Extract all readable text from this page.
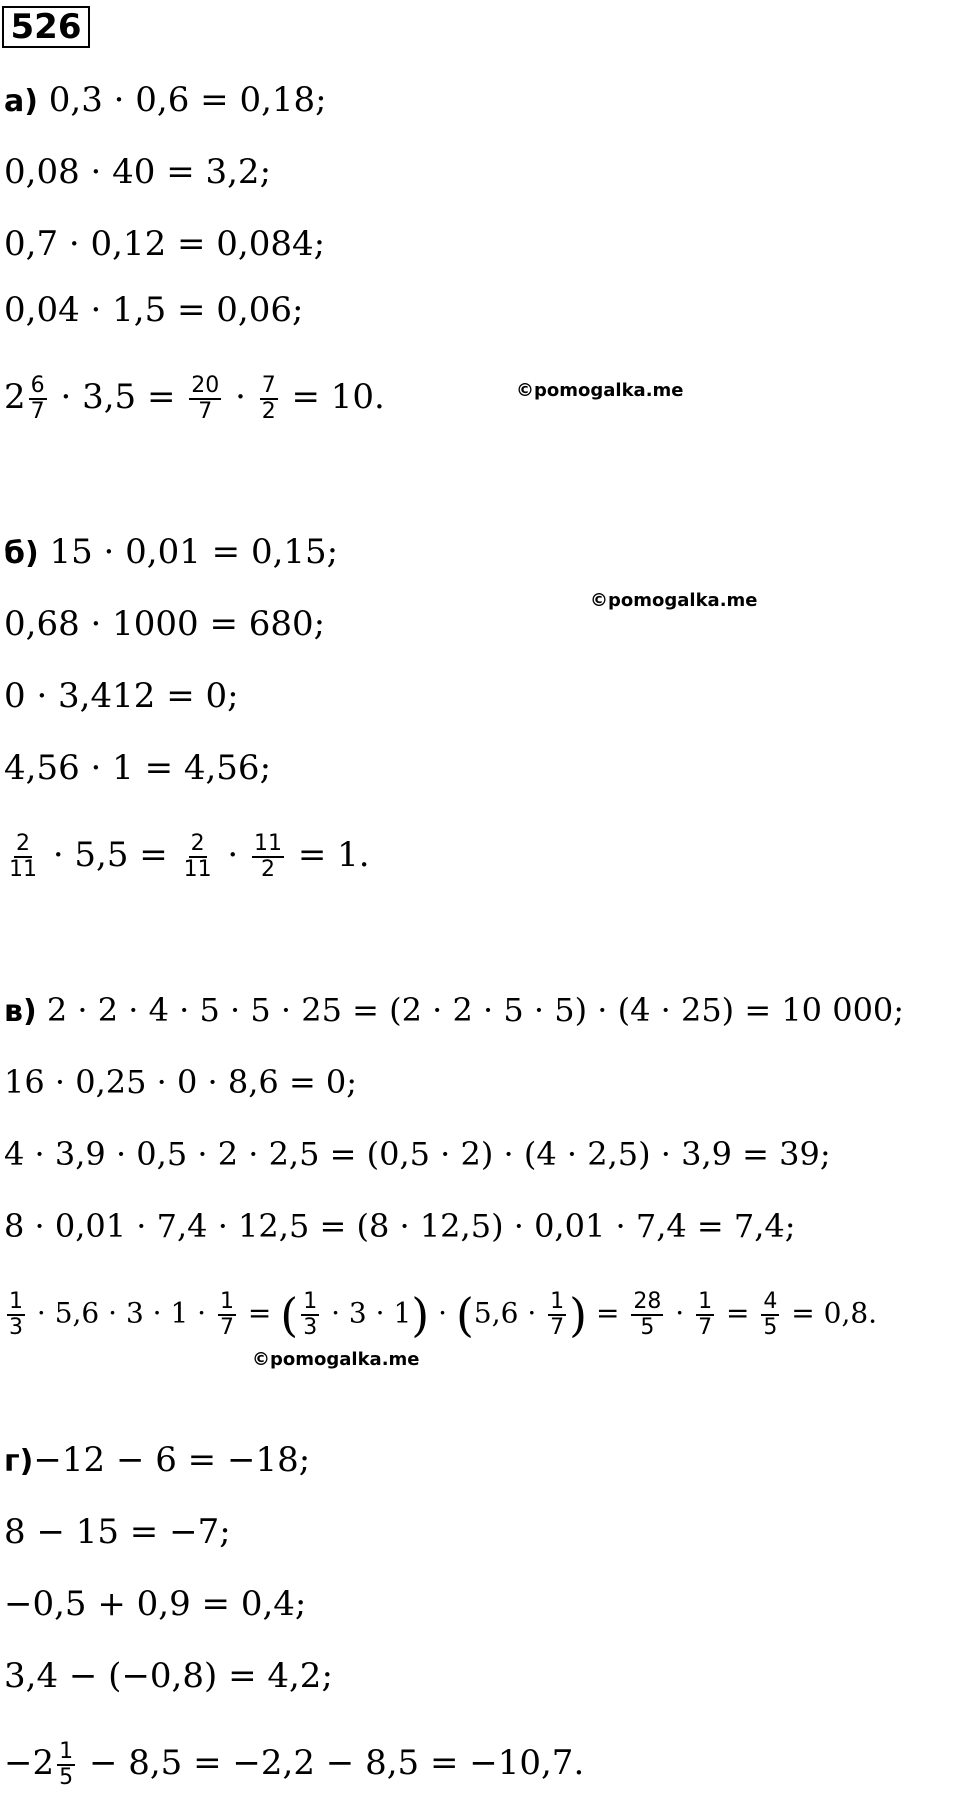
526
а) 0,3 · 0,6 = 0,18;
0,08 · 40 = 3,2;
0,7 · 0,12 = 0,084;
0,04 · 1,5 = 0,06;
$2 \frac{6}{7} \cdot 3,5 = \frac{20}{7} \cdot \frac{7}{2} = 10$.	©pomogalka.me
б) 15 · 0,01 = 0,15;
©pomogalka.me
0,68 · 1000 = 680;
0 · 3,412 = 0;
4,56 · 1 = 4,56;
$\frac{2}{11} \cdot 5,5 = \frac{2}{11} \cdot \frac{11}{2} = 1$.
в) 2 · 2 · 4 · 5 · 5 · 25 = (2 · 2 · 5 · 5) · (4 · 25) = 10 000;
16 · 0,25 · 0 · 8,6 = 0;
4 · 3,9 · 0,5 · 2 · 2,5 = (0,5 · 2) · (4 · 2,5) · 3,9 = 39;
8 · 0,01 · 7,4 · 12,5 = (8 · 12,5) · 0,01 · 7,4 = 7,4;
$\frac{1}{3} \cdot 5,6 \cdot 3 \cdot 1 \cdot \frac{1}{7}$ = ( $\frac{1}{3} \cdot 3 \cdot 1) \cdot (5,6 \cdot \frac{1}{7}$ ) = $\frac{28}{5} \cdot \frac{1}{7} = \frac{4}{5} = 0,8$.
©pomogalka.me
г)−12 − 6 = −18;
8 − 15 = −7;
−0,5 + 0,9 = 0,4;
3,4 − (−0,8) = 4,2;
$-2 \frac{1}{5} - 8,5 = -2,2 - 8,5 = -10,7$.
